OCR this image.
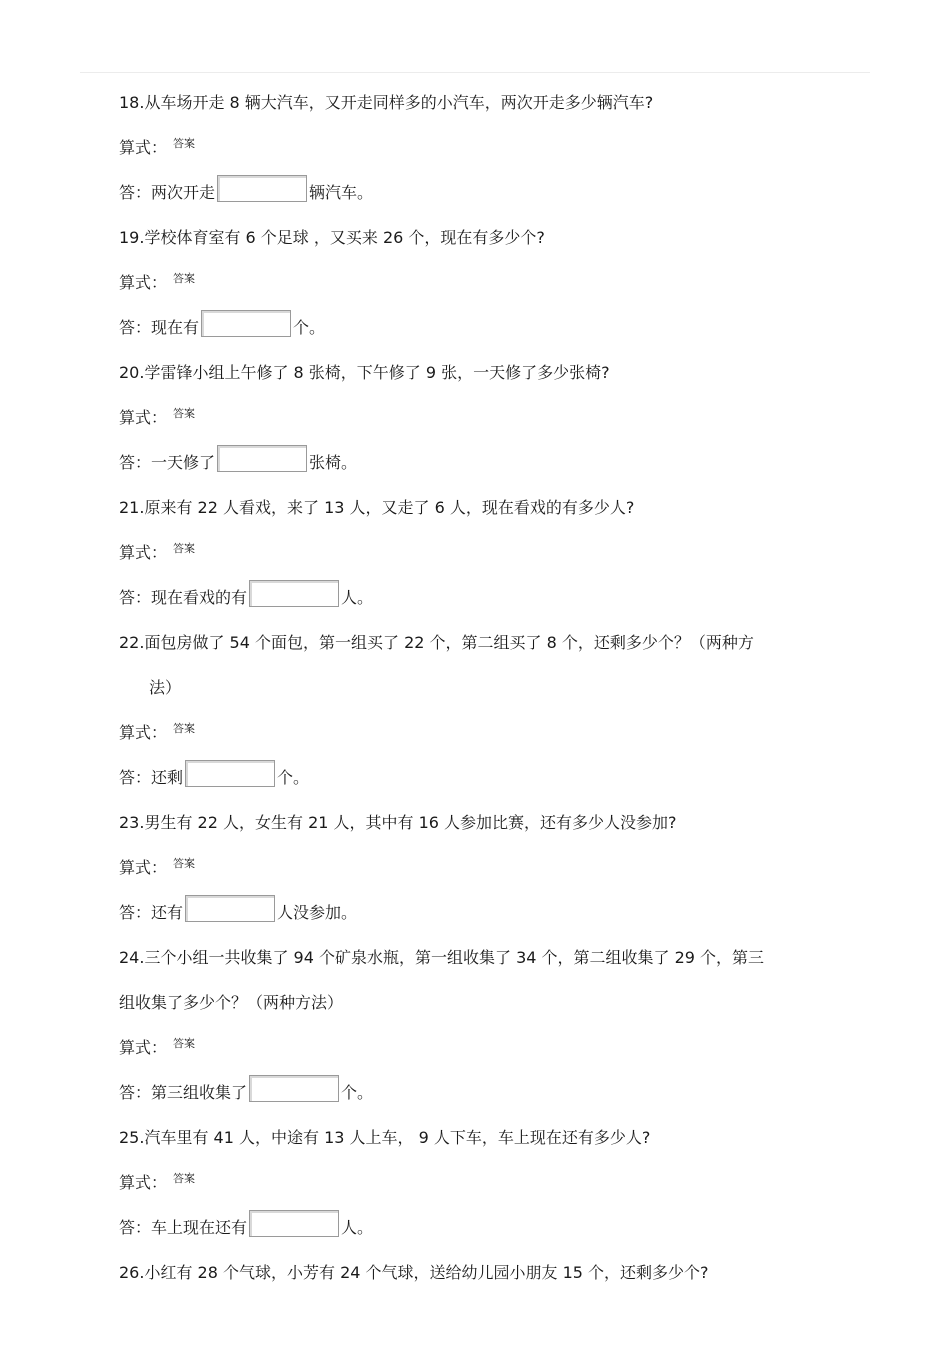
18.从车场开走 8 辆大汽车，又开走同样多的小汽车，两次开走多少辆汽车?
算式： $^{答案}$
答：两次开走	辆汽车。
19.学校体育室有 6 个足球 ，又买来 26 个，现在有多少个?
算式： $^{答案}$
答：现在有	个。
20.学雷锋小组上午修了 8 张椅，下午修了 9 张，一天修了多少张椅?
算式： $^{答案}$
答：一天修了	张椅。
21.原来有 22 人看戏，来了 13 人，又走了 6 人，现在看戏的有多少人?
算式： $^{答案}$
答：现在看戏的有	人。
22.面包房做了 54 个面包，第一组买了 22 个，第二组买了 8 个，还剩多少个？（两种方
法）
算式： $^{答案}$
答：还剩	个。
23.男生有 22 人，女生有 21 人，其中有 16 人参加比赛，还有多少人没参加?
算式： $^{答案}$
答：还有	人没参加。
24.三个小组一共收集了 94 个矿泉水瓶，第一组收集了 34 个，第二组收集了 29 个，第三
组收集了多少个？（两种方法）
算式： $^{答案}$
答：第三组收集了	个。
25.汽车里有 41 人，中途有 13 人上车， 9 人下车，车上现在还有多少人?
算式： $^{答案}$
答：车上现在还有	人。
26.小红有 28 个气球，小芳有 24 个气球，送给幼儿园小朋友 15 个，还剩多少个?
